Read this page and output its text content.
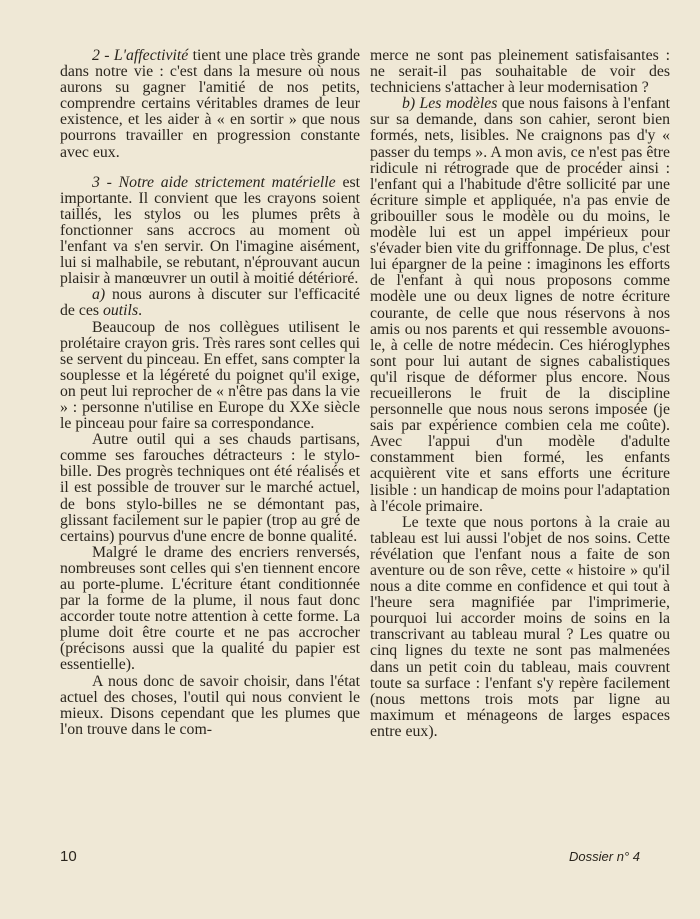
2 - L'affectivité tient une place très grande dans notre vie : c'est dans la mesure où nous aurons su gagner l'amitié de nos petits, comprendre certains véritables drames de leur existence, et les aider à « en sortir » que nous pourrons travailler en progression constante avec eux.

3 - Notre aide strictement matérielle est importante. Il convient que les crayons soient taillés, les stylos ou les plumes prêts à fonctionner sans accrocs au moment où l'enfant va s'en servir. On l'imagine aisément, lui si malhabile, se rebutant, n'éprouvant aucun plaisir à manœuvrer un outil à moitié détérioré.

a) nous aurons à discuter sur l'efficacité de ces outils.

Beaucoup de nos collègues utilisent le prolétaire crayon gris. Très rares sont celles qui se servent du pinceau. En effet, sans compter la souplesse et la légéreté du poignet qu'il exige, on peut lui reprocher de « n'être pas dans la vie » : personne n'utilise en Europe du XXe siècle le pinceau pour faire sa correspondance.

Autre outil qui a ses chauds partisans, comme ses farouches détracteurs : le stylo-bille. Des progrès techniques ont été réalisés et il est possible de trouver sur le marché actuel, de bons stylo-billes ne se démontant pas, glissant facilement sur le papier (trop au gré de certains) pourvus d'une encre de bonne qualité.

Malgré le drame des encriers renversés, nombreuses sont celles qui s'en tiennent encore au porte-plume. L'écriture étant conditionnée par la forme de la plume, il nous faut donc accorder toute notre attention à cette forme. La plume doit être courte et ne pas accrocher (précisons aussi que la qualité du papier est essentielle).

A nous donc de savoir choisir, dans l'état actuel des choses, l'outil qui nous convient le mieux. Disons cependant que les plumes que l'on trouve dans le com-

merce ne sont pas pleinement satisfaisantes : ne serait-il pas souhaitable de voir des techniciens s'attacher à leur modernisation ?

b) Les modèles que nous faisons à l'enfant sur sa demande, dans son cahier, seront bien formés, nets, lisibles. Ne craignons pas d'y « passer du temps ». A mon avis, ce n'est pas être ridicule ni rétrograde que de procéder ainsi : l'enfant qui a l'habitude d'être sollicité par une écriture simple et appliquée, n'a pas envie de gribouiller sous le modèle ou du moins, le modèle lui est un appel impérieux pour s'évader bien vite du griffonnage. De plus, c'est lui épargner de la peine : imaginons les efforts de l'enfant à qui nous proposons comme modèle une ou deux lignes de notre écriture courante, de celle que nous réservons à nos amis ou nos parents et qui ressemble avouons-le, à celle de notre médecin. Ces hiéroglyphes sont pour lui autant de signes cabalistiques qu'il risque de déformer plus encore. Nous recueillerons le fruit de la discipline personnelle que nous nous serons imposée (je sais par expérience combien cela me coûte). Avec l'appui d'un modèle d'adulte constamment bien formé, les enfants acquièrent vite et sans efforts une écriture lisible : un handicap de moins pour l'adaptation à l'école primaire.

Le texte que nous portons à la craie au tableau est lui aussi l'objet de nos soins. Cette révélation que l'enfant nous a faite de son aventure ou de son rêve, cette « histoire » qu'il nous a dite comme en confidence et qui tout à l'heure sera magnifiée par l'imprimerie, pourquoi lui accorder moins de soins en la transcrivant au tableau mural ? Les quatre ou cinq lignes du texte ne sont pas malmenées dans un petit coin du tableau, mais couvrent toute sa surface : l'enfant s'y repère facilement (nous mettons trois mots par ligne au maximum et ménageons de larges espaces entre eux).

10	Dossier n° 4
